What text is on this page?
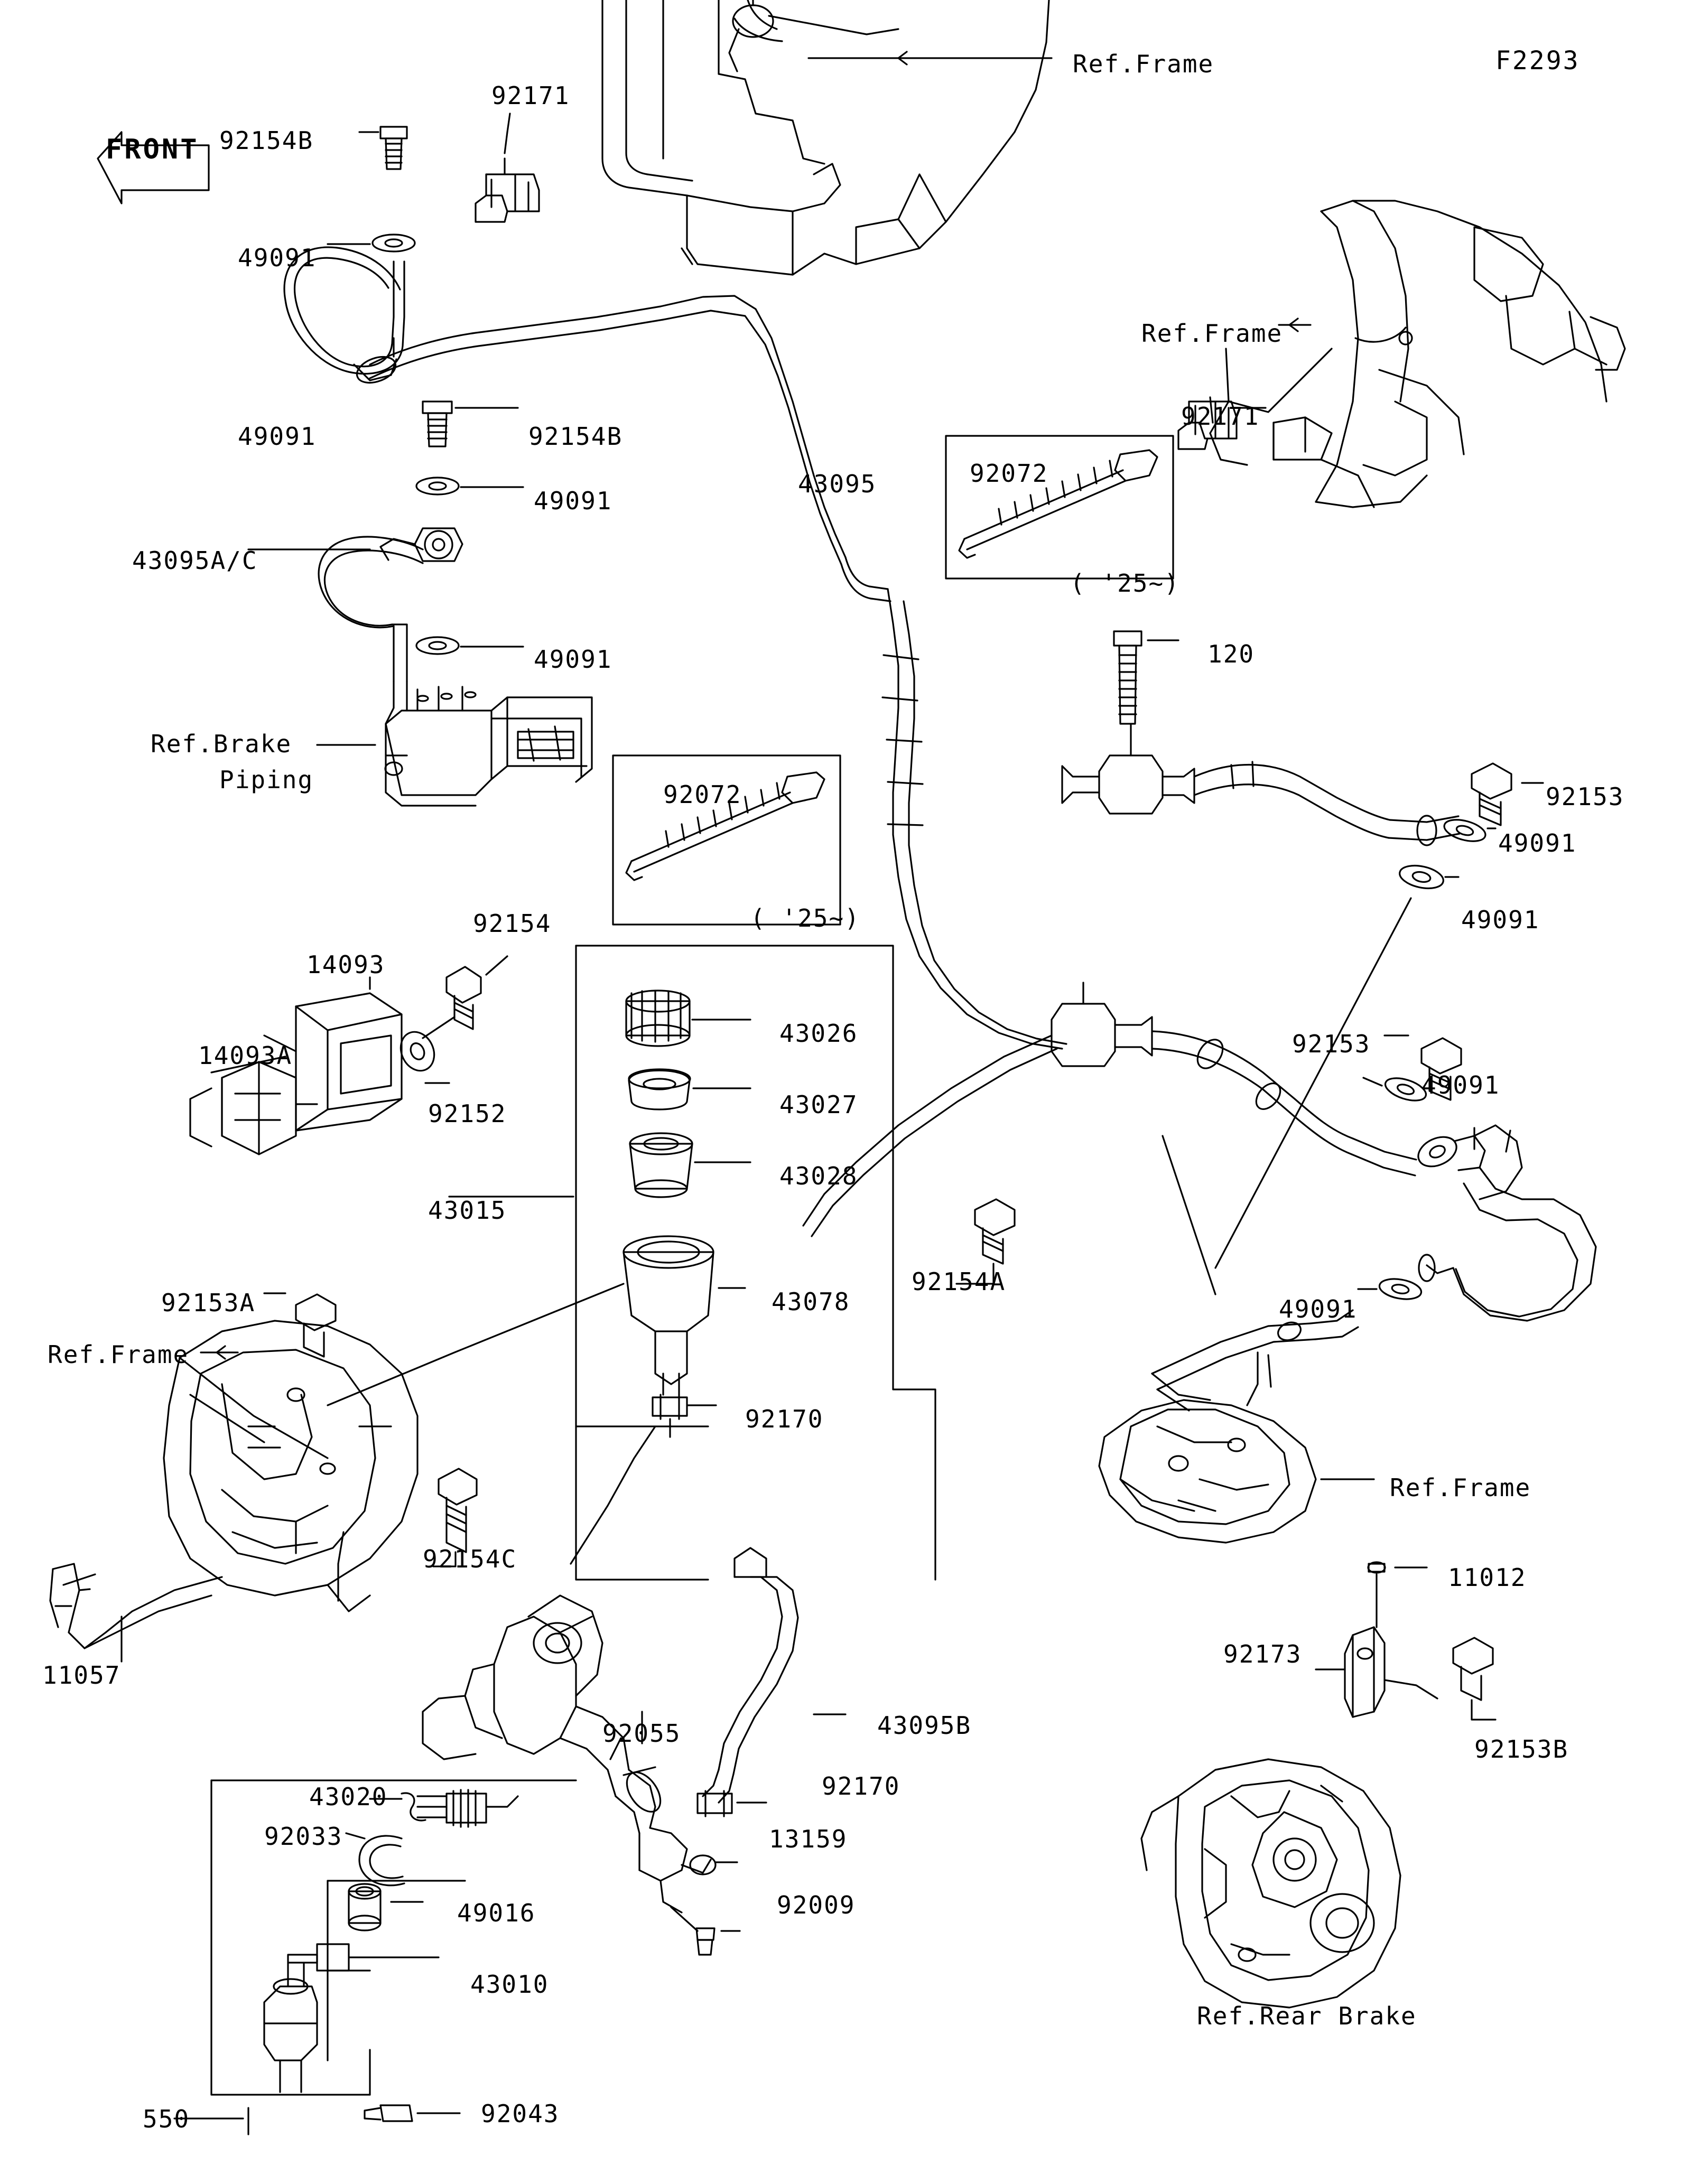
FRONT
F2293
Ref.Frame
92171
92154B
49091
Ref.Frame
92171
49091	92154B
92072
43095
49091
43095A/C
( '25~)
120
49091
92153
Ref.Brake
Piping
92072
49091
49091
( '25~)
92154
14093
92153
14093A
43026
49091
92152	43027
43028
43015
92154A
43078
92153A	49091
Ref.Frame
92170
Ref.Frame
92154C
11012
92173
11057
43095B
92055
92153B
43020	92170
92033	13159
49016	92009
43010
Ref.Rear Brake
550	92043
